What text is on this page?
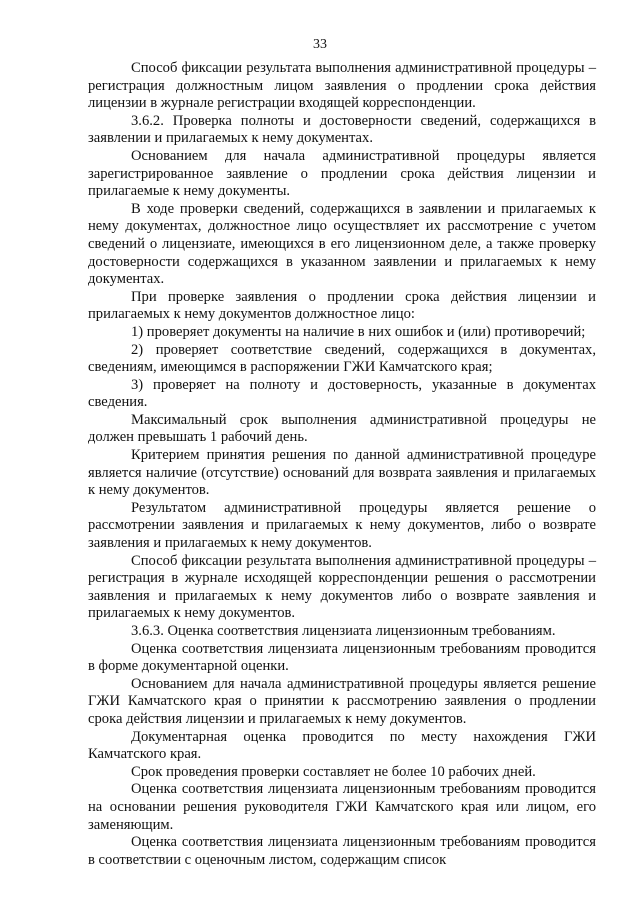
33

Способ фиксации результата выполнения административной процедуры – регистрация должностным лицом заявления о продлении срока действия лицензии в журнале регистрации входящей корреспонденции.

3.6.2. Проверка полноты и достоверности сведений, содержащихся в заявлении и прилагаемых к нему документах.

Основанием для начала административной процедуры является зарегистрированное заявление о продлении срока действия лицензии и прилагаемые к нему документы.

В ходе проверки сведений, содержащихся в заявлении и прилагаемых к нему документах, должностное лицо осуществляет их рассмотрение с учетом сведений о лицензиате, имеющихся в его лицензионном деле, а также проверку достоверности содержащихся в указанном заявлении и прилагаемых к нему документах.

При проверке заявления о продлении срока действия лицензии и прилагаемых к нему документов должностное лицо:

1) проверяет документы на наличие в них ошибок и (или) противоречий;

2) проверяет соответствие сведений, содержащихся в документах, сведениям, имеющимся в распоряжении ГЖИ Камчатского края;

3) проверяет на полноту и достоверность, указанные в документах сведения.

Максимальный срок выполнения административной процедуры не должен превышать 1 рабочий день.

Критерием принятия решения по данной административной процедуре является наличие (отсутствие) оснований для возврата заявления и прилагаемых к нему документов.

Результатом административной процедуры является решение о рассмотрении заявления и прилагаемых к нему документов, либо о возврате заявления и прилагаемых к нему документов.

Способ фиксации результата выполнения административной процедуры – регистрация в журнале исходящей корреспонденции решения о рассмотрении заявления и прилагаемых к нему документов либо о возврате заявления и прилагаемых к нему документов.

3.6.3. Оценка соответствия лицензиата лицензионным требованиям.

Оценка соответствия лицензиата лицензионным требованиям проводится в форме документарной оценки.

Основанием для начала административной процедуры является решение ГЖИ Камчатского края о принятии к рассмотрению заявления о продлении срока действия лицензии и прилагаемых к нему документов.

Документарная оценка проводится по месту нахождения ГЖИ Камчатского края.

Срок проведения проверки составляет не более 10 рабочих дней.

Оценка соответствия лицензиата лицензионным требованиям проводится на основании решения руководителя ГЖИ Камчатского края или лицом, его заменяющим.

Оценка соответствия лицензиата лицензионным требованиям проводится в соответствии с оценочным листом, содержащим список
